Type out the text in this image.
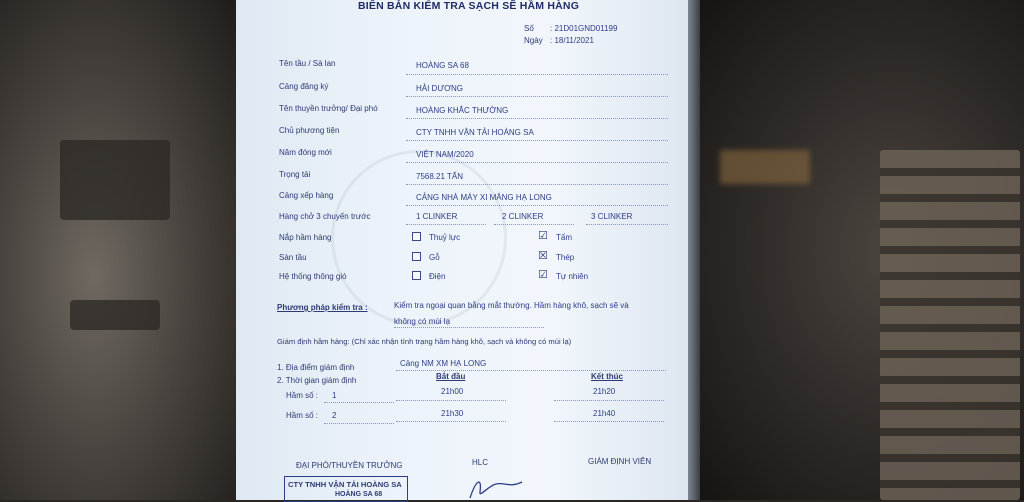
BIÊN BẢN KIỂM TRA SẠCH SẼ HẦM HÀNG
Số : 21D01GND01199
Ngày : 18/11/2021
Tên tầu / Sà lan	HOÀNG SA 68
Cảng đăng ký	HẢI DƯƠNG
Tên thuyền trưởng/ Đại phó	HOÀNG KHẮC THƯỜNG
Chủ phương tiện	CTY TNHH VẬN TẢI HOÀNG SA
Năm đóng mới	VIỆT NAM/2020
Trọng tải	7568.21 TẤN
Cảng xếp hàng	CẢNG NHÀ MÁY XI MĂNG HẠ LONG
Hàng chở 3 chuyến trước	1 CLINKER	2 CLINKER	3 CLINKER
Nắp hầm hàng	Thuỷ lực	☑ Tấm
Sàn tầu	Gỗ	☒ Thép
Hệ thống thông gió	Điện	☑ Tự nhiên
Phương pháp kiểm tra :	Kiểm tra ngoại quan bằng mắt thường. Hầm hàng khô, sạch sẽ và
không có mùi lạ
Giám định hầm hàng: (Chỉ xác nhận tình trạng hầm hàng khô, sạch và không có mùi lạ)
1. Địa điểm giám định	Cảng NM XM HẠ LONG
2. Thời gian giám định	Bắt đầu	Kết thúc
Hầm số : 1	21h00	21h20
Hầm số : 2	21h30	21h40
ĐẠI PHÓ/THUYỀN TRƯỞNG	HLC	GIÁM ĐỊNH VIÊN
CTY TNHH VẬN TẢI HOÀNG SA
HOÀNG SA 68
